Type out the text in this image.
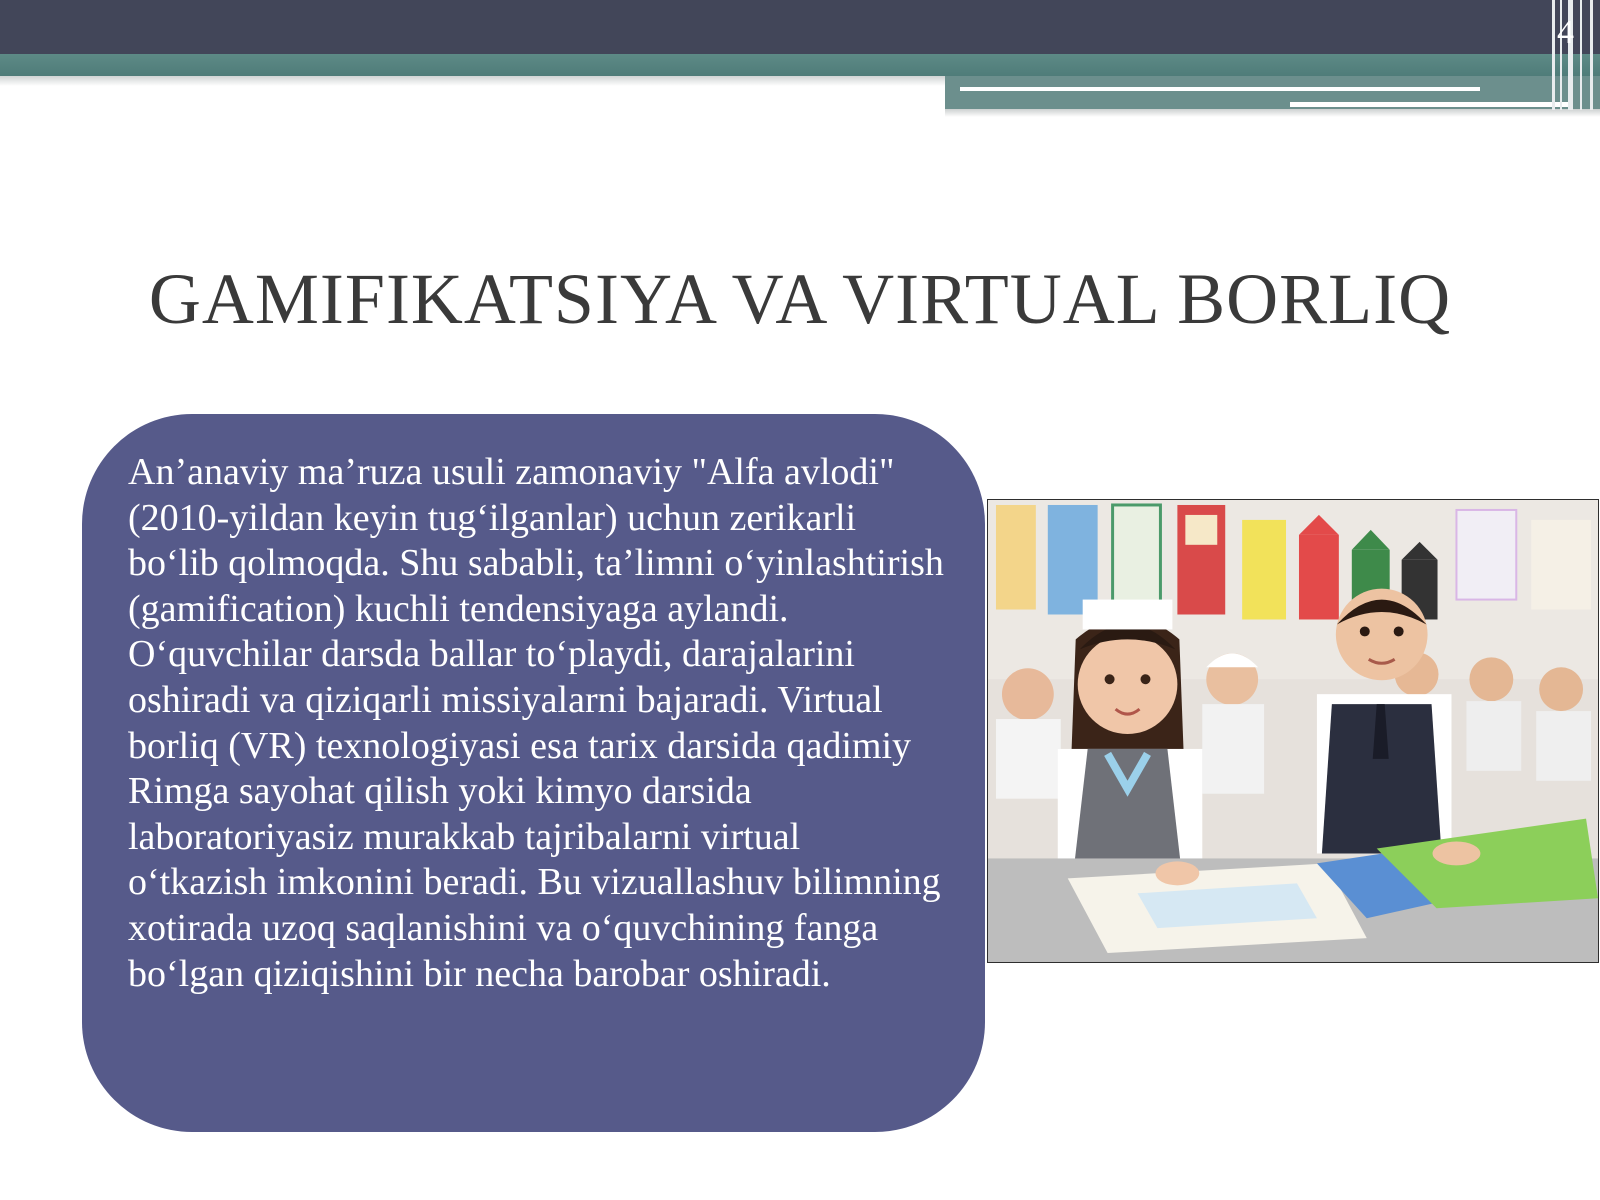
4
GAMIFIKATSIYA VA VIRTUAL BORLIQ

An’anaviy ma’ruza usuli zamonaviy "Alfa avlodi" (2010-yildan keyin tug‘ilganlar) uchun zerikarli bo‘lib qolmoqda. Shu sababli, ta’limni o‘yinlashtirish (gamification) kuchli tendensiyaga aylandi. O‘quvchilar darsda ballar to‘playdi, darajalarini oshiradi va qiziqarli missiyalarni bajaradi. Virtual borliq (VR) texnologiyasi esa tarix darsida qadimiy Rimga sayohat qilish yoki kimyo darsida laboratoriyasiz murakkab tajribalarni virtual o‘tkazish imkonini beradi. Bu vizuallashuv bilimning xotirada uzoq saqlanishini va o‘quvchining fanga bo‘lgan qiziqishini bir necha barobar oshiradi.
